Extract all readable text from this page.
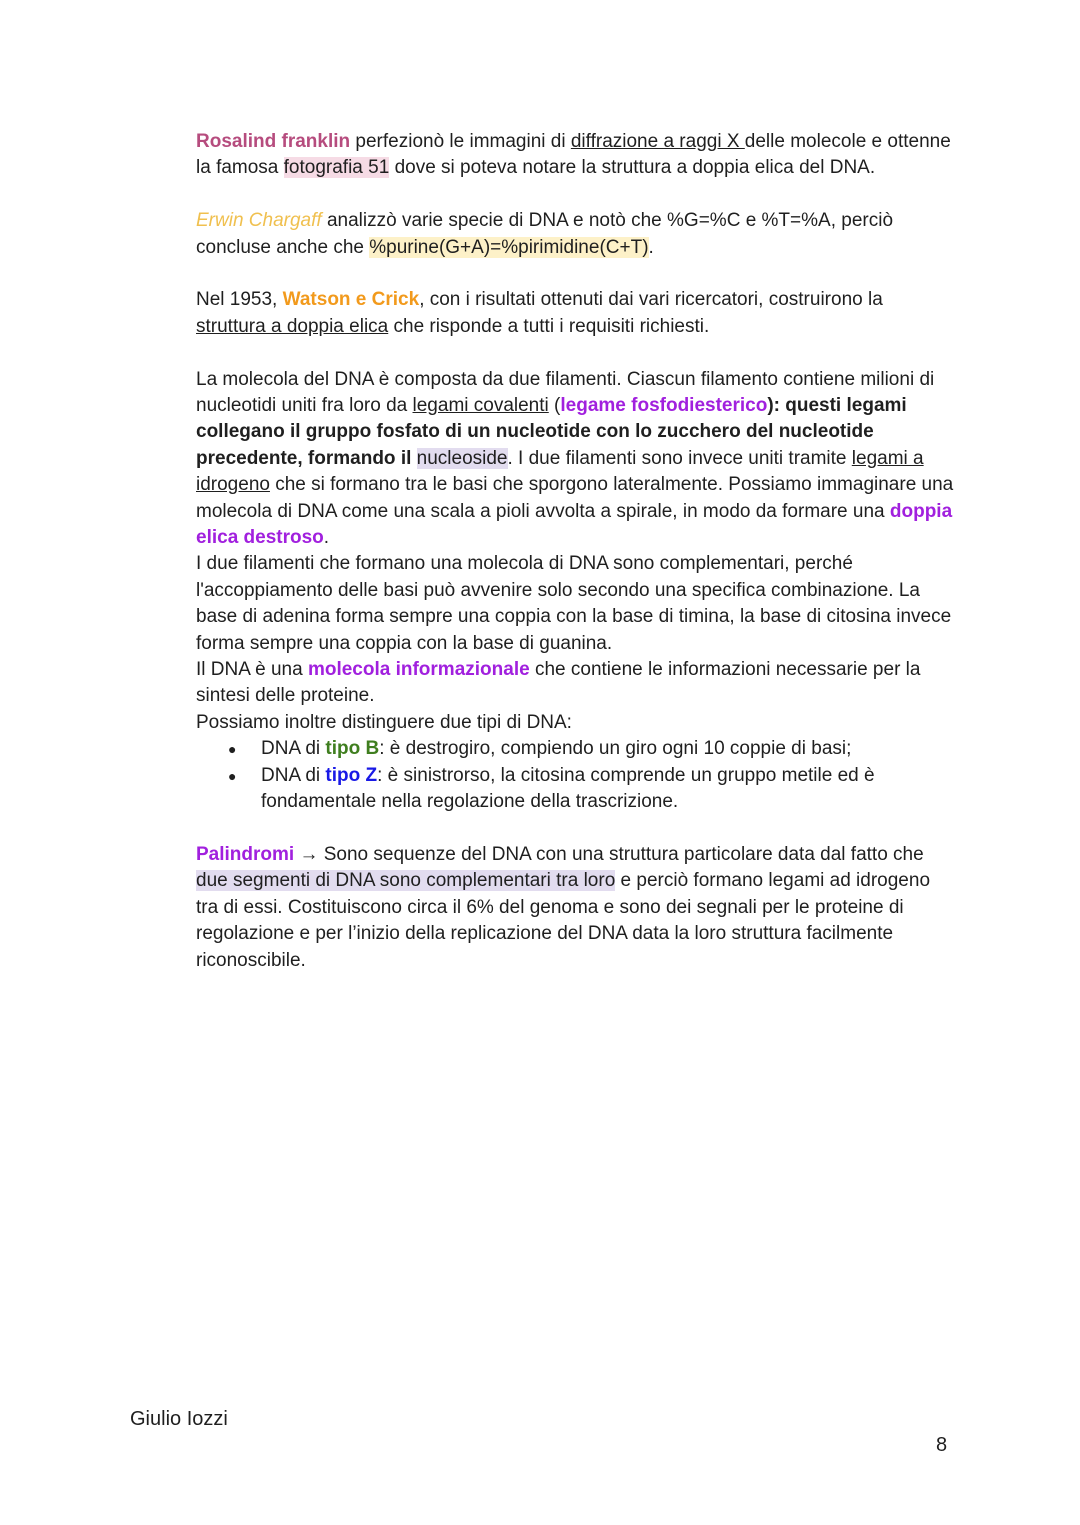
Rosalind franklin perfezionò le immagini di diffrazione a raggi X delle molecole e ottenne la famosa fotografia 51 dove si poteva notare la struttura a doppia elica del DNA.

Erwin Chargaff analizzò varie specie di DNA e notò che %G=%C e %T=%A, perciò concluse anche che %purine(G+A)=%pirimidine(C+T).

Nel 1953, Watson e Crick, con i risultati ottenuti dai vari ricercatori, costruirono la struttura a doppia elica che risponde a tutti i requisiti richiesti.

La molecola del DNA è composta da due filamenti. Ciascun filamento contiene milioni di nucleotidi uniti fra loro da legami covalenti (legame fosfodiesterico): questi legami collegano il gruppo fosfato di un nucleotide con lo zucchero del nucleotide precedente, formando il nucleoside. I due filamenti sono invece uniti tramite legami a idrogeno che si formano tra le basi che sporgono lateralmente. Possiamo immaginare una molecola di DNA come una scala a pioli avvolta a spirale, in modo da formare una doppia elica destroso.

I due filamenti che formano una molecola di DNA sono complementari, perché l'accoppiamento delle basi può avvenire solo secondo una specifica combinazione. La base di adenina forma sempre una coppia con la base di timina, la base di citosina invece forma sempre una coppia con la base di guanina.

Il DNA è una molecola informazionale che contiene le informazioni necessarie per la sintesi delle proteine.

Possiamo inoltre distinguere due tipi di DNA:

● DNA di tipo B: è destrogiro, compiendo un giro ogni 10 coppie di basi;
● DNA di tipo Z: è sinistrorso, la citosina comprende un gruppo metile ed è fondamentale nella regolazione della trascrizione.

Palindromi → Sono sequenze del DNA con una struttura particolare data dal fatto che due segmenti di DNA sono complementari tra loro e perciò formano legami ad idrogeno tra di essi. Costituiscono circa il 6% del genoma e sono dei segnali per le proteine di regolazione e per l’inizio della replicazione del DNA data la loro struttura facilmente riconoscibile.

Giulio Iozzi
8
